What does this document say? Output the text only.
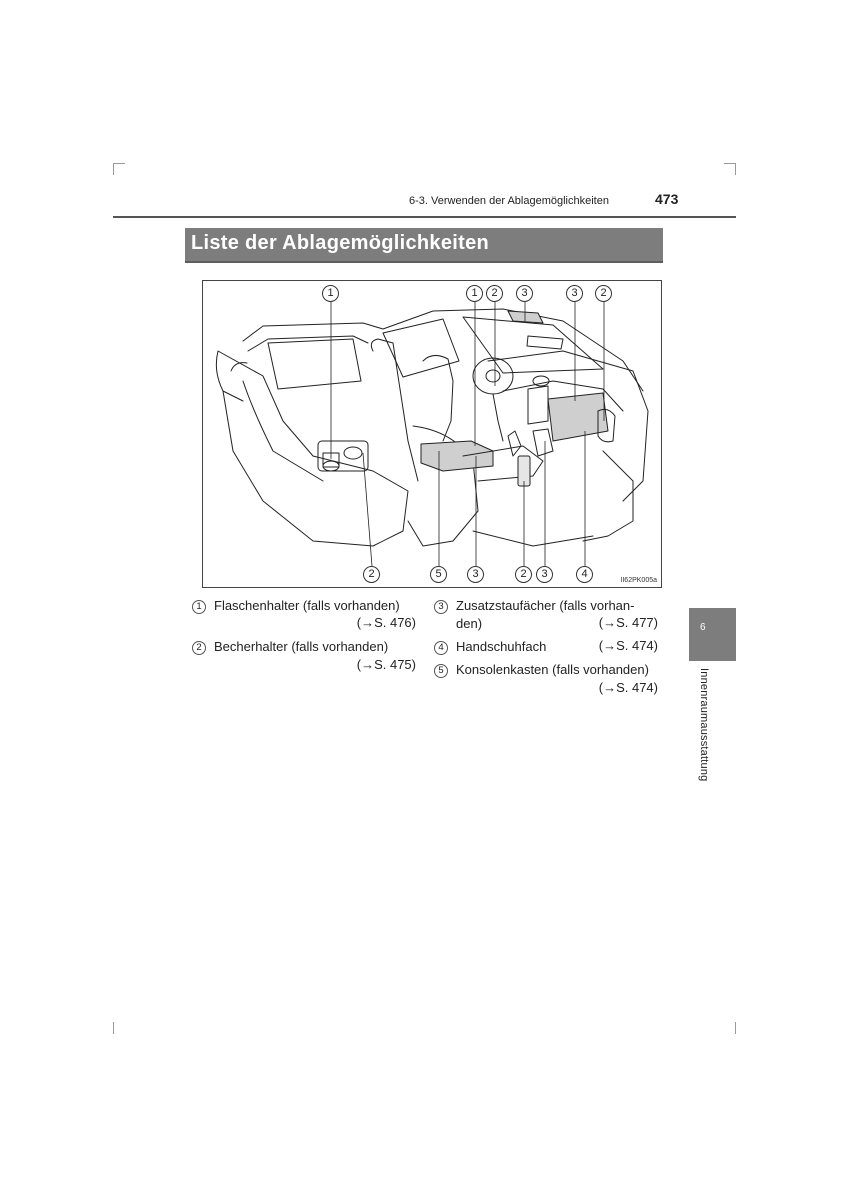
6-3. Verwenden der Ablagemöglichkeiten	473
Liste der Ablagemöglichkeiten
1	1	2	3	3	2
2	5	3	2	3	4
II62PK005a
1 Flaschenhalter (falls vorhanden)
(→S. 476)
2 Becherhalter (falls vorhanden)
(→S. 475)
3 Zusatzstaufächer (falls vorhan-
den)	(→S. 477)
4 Handschuhfach	(→S. 474)
5 Konsolenkasten (falls vorhanden)
(→S. 474)
6
Innenraumausstattung
